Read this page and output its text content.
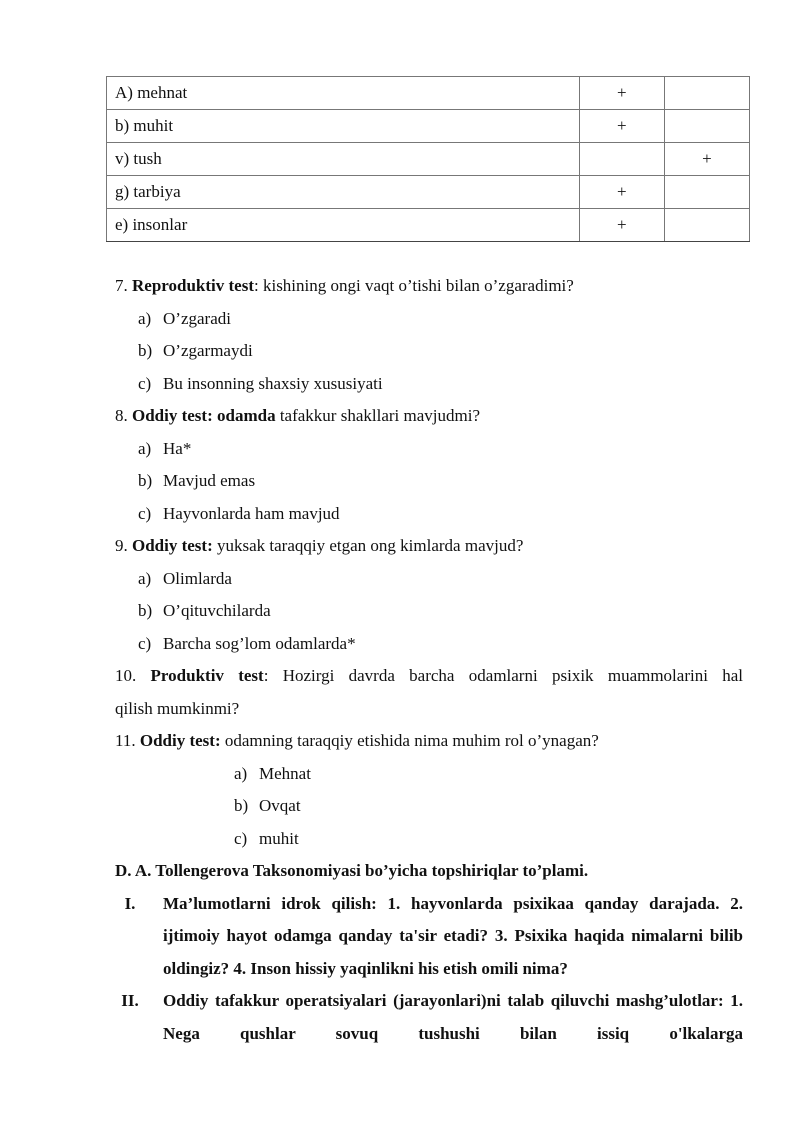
A) mehnat	+	
b) muhit	+	
v) tush		+
g) tarbiya	+	
e) insonlar	+	
7. Reproduktiv test: kishining ongi vaqt o’tishi bilan o’zgaradimi?
a) O’zgaradi
b) O’zgarmaydi
c) Bu insonning shaxsiy xususiyati
8. Oddiy test: odamda tafakkur shakllari mavjudmi?
a) Ha*
b) Mavjud emas
c) Hayvonlarda ham mavjud
9. Oddiy test: yuksak taraqqiy etgan ong kimlarda mavjud?
a) Olimlarda
b) O’qituvchilarda
c) Barcha sog’lom odamlarda*
10. Produktiv test: Hozirgi davrda barcha odamlarni psixik muammolarini hal
qilish mumkinmi?
11. Oddiy test: odamning taraqqiy etishida nima muhim rol o’ynagan?
a) Mehnat
b) Ovqat
c) muhit
D. A. Tollengerova Taksonomiyasi bo’yicha topshiriqlar to’plami.
I.	Ma’lumotlarni idrok qilish: 1. hayvonlarda psixikaa qanday darajada. 2. ijtimoiy hayot odamga qanday ta'sir etadi? 3. Psixika haqida nimalarni bilib oldingiz? 4. Inson hissiy yaqinlikni his etish omili nima?
II.	Oddiy tafakkur operatsiyalari (jarayonlari)ni talab qiluvchi mashg’ulotlar: 1. Nega qushlar sovuq tushushi bilan issiq o'lkalarga
